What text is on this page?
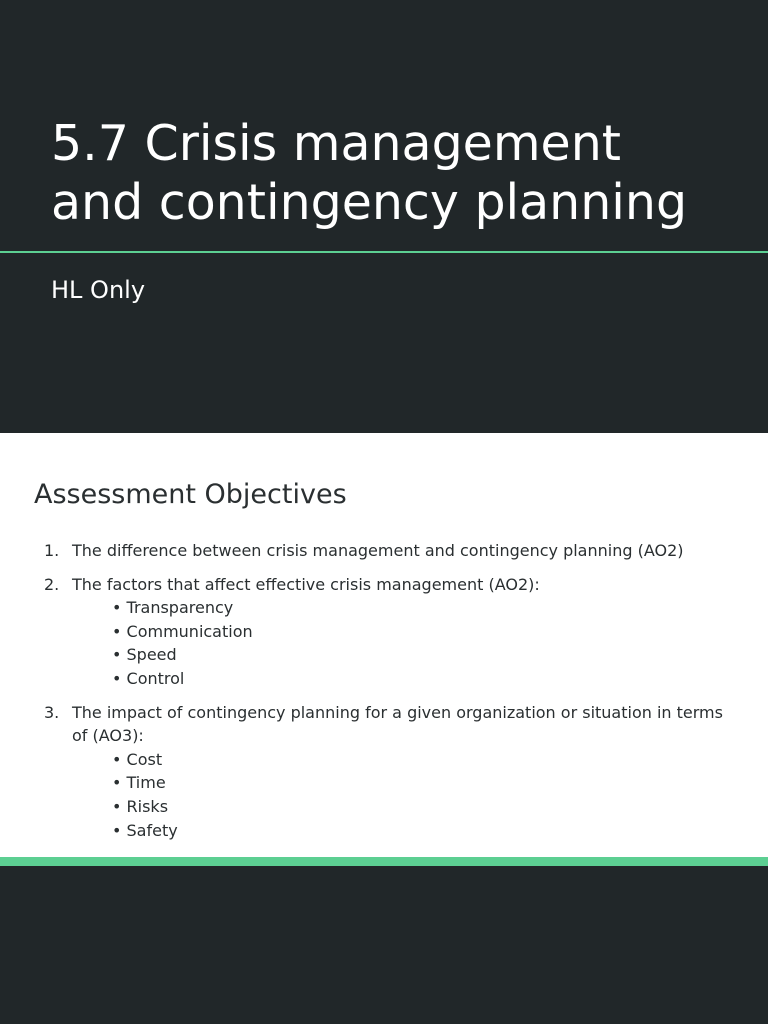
5.7 Crisis management
and contingency planning
HL Only
Assessment Objectives
1. The difference between crisis management and contingency planning (AO2)
2. The factors that affect effective crisis management (AO2):
• Transparency
• Communication
• Speed
• Control
3. The impact of contingency planning for a given organization or situation in terms of (AO3):
• Cost
• Time
• Risks
• Safety
